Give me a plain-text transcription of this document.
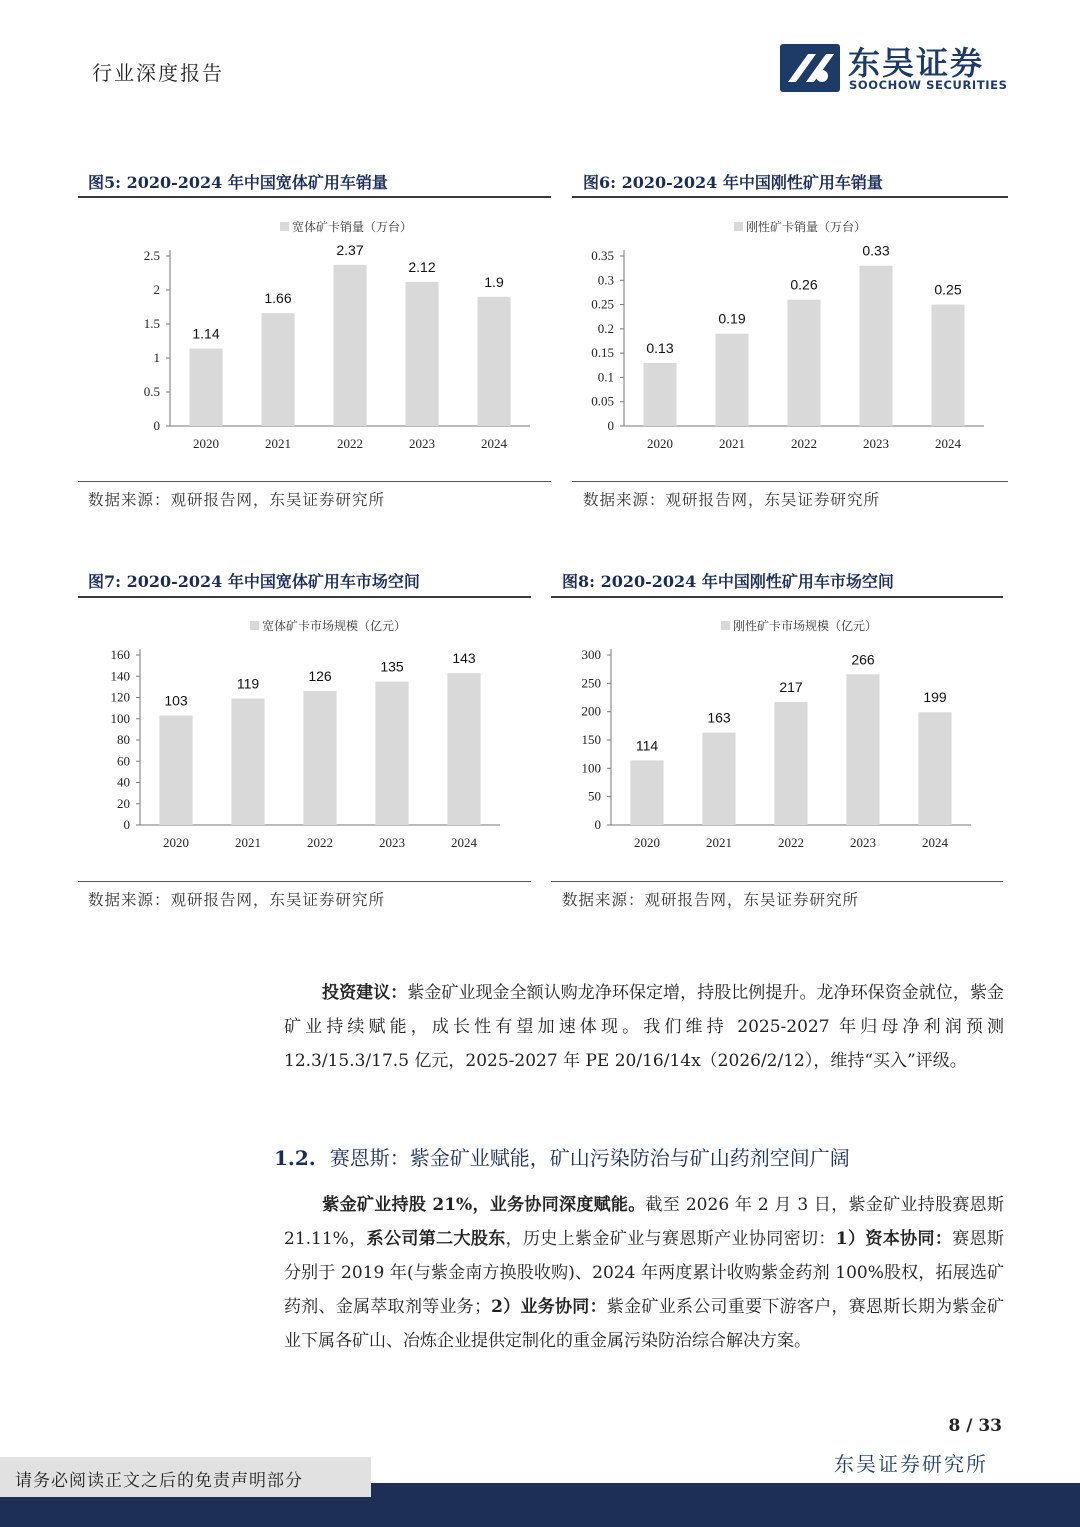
行业深度报告	东吴证券
SOOCHOW SECURITIES
图5: 2020-2024 年中国宽体矿用车销量
宽体矿卡销量（万台）
0
0.5
1
1.5
2
2.5
1.14
2020
1.66
2021
2.37
2022
2.12
2023
1.9
2024
数据来源：观研报告网，东吴证券研究所
图6: 2020-2024 年中国刚性矿用车销量
刚性矿卡销量（万台）
0
0.05
0.1
0.15
0.2
0.25
0.3
0.35
0.13
2020
0.19
2021
0.26
2022
0.33
2023
0.25
2024
数据来源：观研报告网，东吴证券研究所
图7: 2020-2024 年中国宽体矿用车市场空间
宽体矿卡市场规模（亿元）
0
20
40
60
80
100
120
140
160
103
2020
119
2021
126
2022
135
2023
143
2024
数据来源：观研报告网，东吴证券研究所
图8: 2020-2024 年中国刚性矿用车市场空间
刚性矿卡市场规模（亿元）
0
50
100
150
200
250
300
114
2020
163
2021
217
2022
266
2023
199
2024
数据来源：观研报告网，东吴证券研究所
投资建议：紫金矿业现金全额认购龙净环保定增，持股比例提升。龙净环保资金就位，紫金矿业持续赋能，成长性有望加速体现。我们维持 2025-2027 年归母净利润预测 12.3/15.3/17.5 亿元，2025-2027 年 PE 20/16/14x（2026/2/12），维持“买入”评级。
1.2. 赛恩斯：紫金矿业赋能，矿山污染防治与矿山药剂空间广阔
紫金矿业持股 21%，业务协同深度赋能。截至 2026 年 2 月 3 日，紫金矿业持股赛恩斯 21.11%，系公司第二大股东，历史上紫金矿业与赛恩斯产业协同密切：1）资本协同：赛恩斯分别于 2019 年(与紫金南方换股收购)、2024 年两度累计收购紫金药剂 100%股权，拓展选矿药剂、金属萃取剂等业务；2）业务协同：紫金矿业系公司重要下游客户，赛恩斯长期为紫金矿业下属各矿山、冶炼企业提供定制化的重金属污染防治综合解决方案。
8 / 33
东吴证券研究所
请务必阅读正文之后的免责声明部分
